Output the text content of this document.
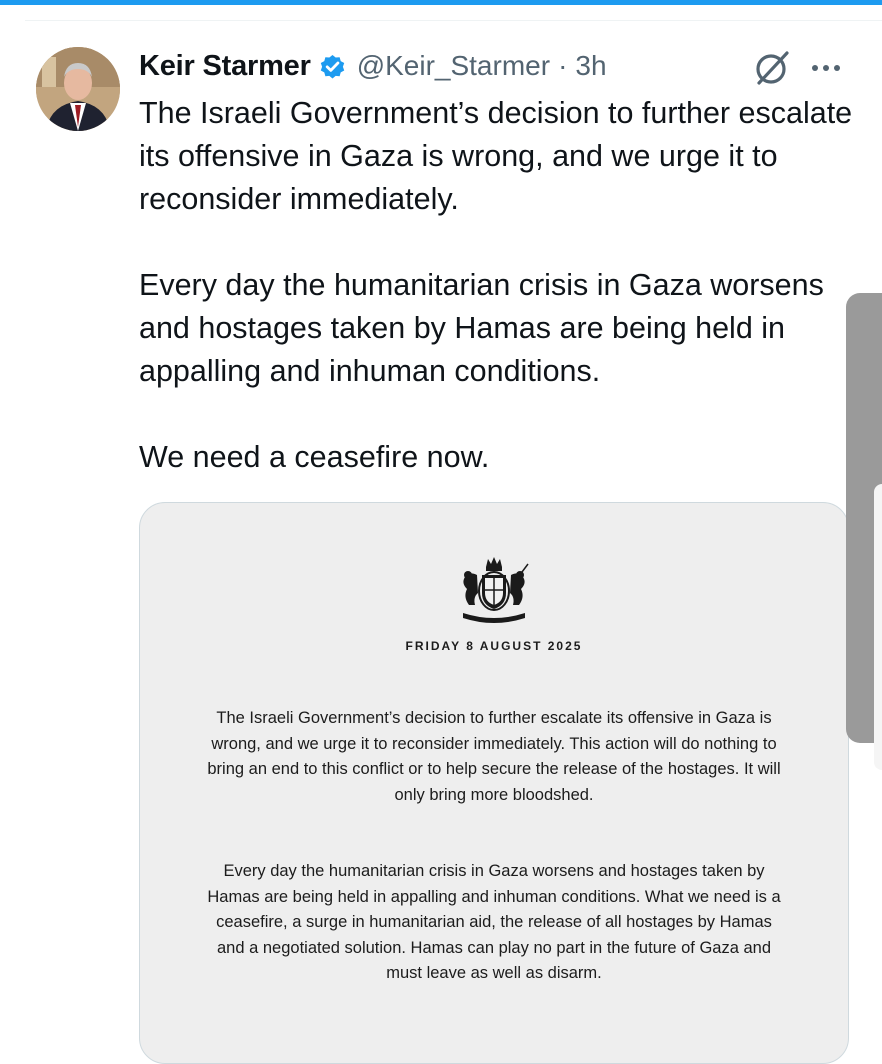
Keir Starmer @Keir_Starmer · 3h

The Israeli Government’s decision to further escalate its offensive in Gaza is wrong, and we urge it to reconsider immediately.

Every day the humanitarian crisis in Gaza worsens and hostages taken by Hamas are being held in appalling and inhuman conditions.

We need a ceasefire now.

FRIDAY 8 AUGUST 2025

The Israeli Government’s decision to further escalate its offensive in Gaza is wrong, and we urge it to reconsider immediately. This action will do nothing to bring an end to this conflict or to help secure the release of the hostages. It will only bring more bloodshed.

Every day the humanitarian crisis in Gaza worsens and hostages taken by Hamas are being held in appalling and inhuman conditions. What we need is a ceasefire, a surge in humanitarian aid, the release of all hostages by Hamas and a negotiated solution. Hamas can play no part in the future of Gaza and must leave as well as disarm.
